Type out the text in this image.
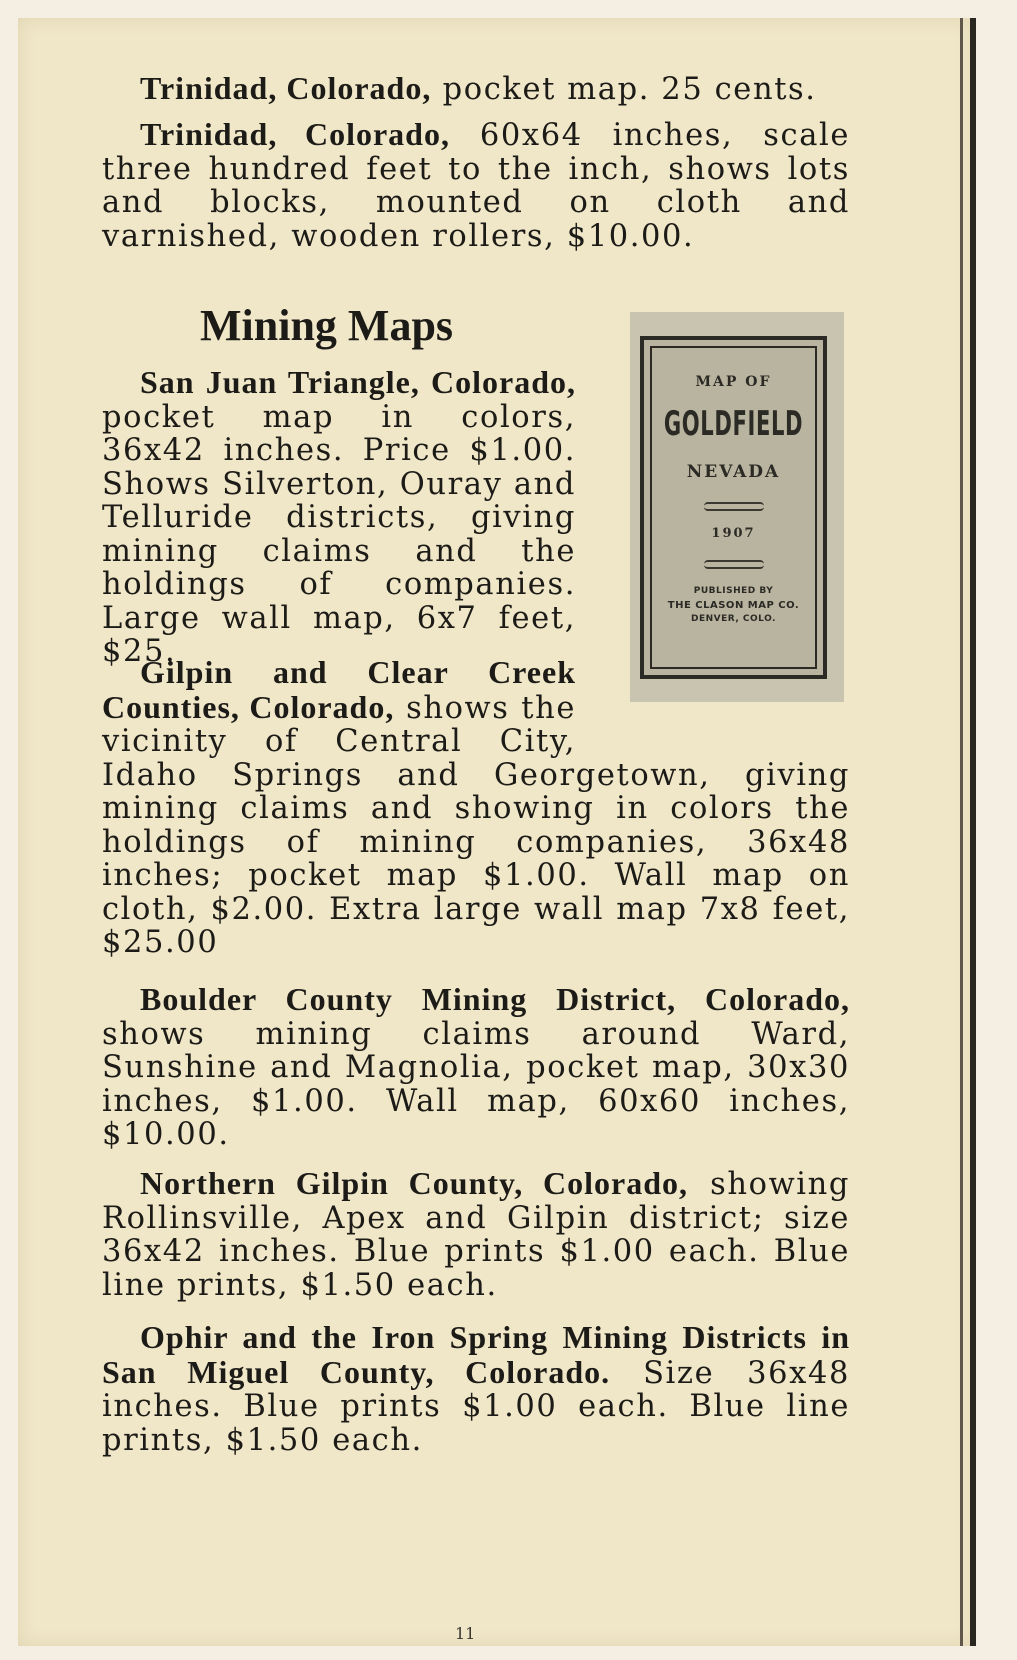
Trinidad, Colorado, pocket map. 25 cents.

Trinidad, Colorado, 60x64 inches, scale three hundred feet to the inch, shows lots and blocks, mounted on cloth and varnished, wooden rollers, $10.00.

Mining Maps
MAP OF
GOLDFIELD
NEVADA
1907
PUBLISHED BY
THE CLASON MAP CO.
DENVER, COLO.

San Juan Triangle, Colorado, pocket map in colors, 36x42 inches. Price $1.00. Shows Silverton, Ouray and Telluride districts, giving mining claims and the holdings of companies. Large wall map, 6x7 feet, $25.

Gilpin and Clear Creek Counties, Colorado, shows the vicinity of Central City, Idaho Springs and Georgetown, giving mining claims and showing in colors the holdings of mining companies, 36x48 inches; pocket map $1.00. Wall map on cloth, $2.00. Extra large wall map 7x8 feet, $25.00

Boulder County Mining District, Colorado, shows mining claims around Ward, Sunshine and Magnolia, pocket map, 30x30 inches, $1.00. Wall map, 60x60 inches, $10.00.

Northern Gilpin County, Colorado, showing Rollinsville, Apex and Gilpin district; size 36x42 inches. Blue prints $1.00 each. Blue line prints, $1.50 each.

Ophir and the Iron Spring Mining Districts in San Miguel County, Colorado. Size 36x48 inches. Blue prints $1.00 each. Blue line prints, $1.50 each.

11
